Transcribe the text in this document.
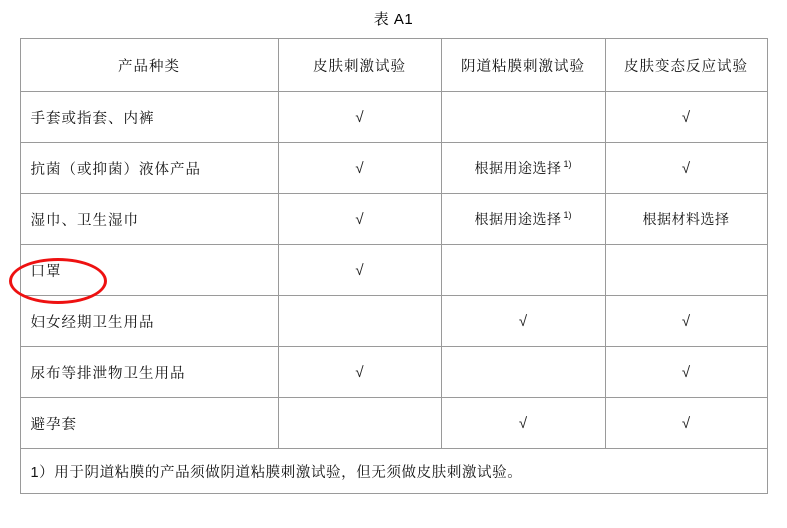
表 A1
产品种类	皮肤刺激试验	阴道粘膜刺激试验	皮肤变态反应试验
手套或指套、内裤	√		√
抗菌（或抑菌）液体产品	√	根据用途选择 $^{1)}$	√
湿巾、卫生湿巾	√	根据用途选择 $^{1)}$	根据材料选择
口罩	√		
妇女经期卫生用品		√	√
尿布等排泄物卫生用品	√		√
避孕套		√	√
1）用于阴道粘膜的产品须做阴道粘膜刺激试验，但无须做皮肤刺激试验。			
